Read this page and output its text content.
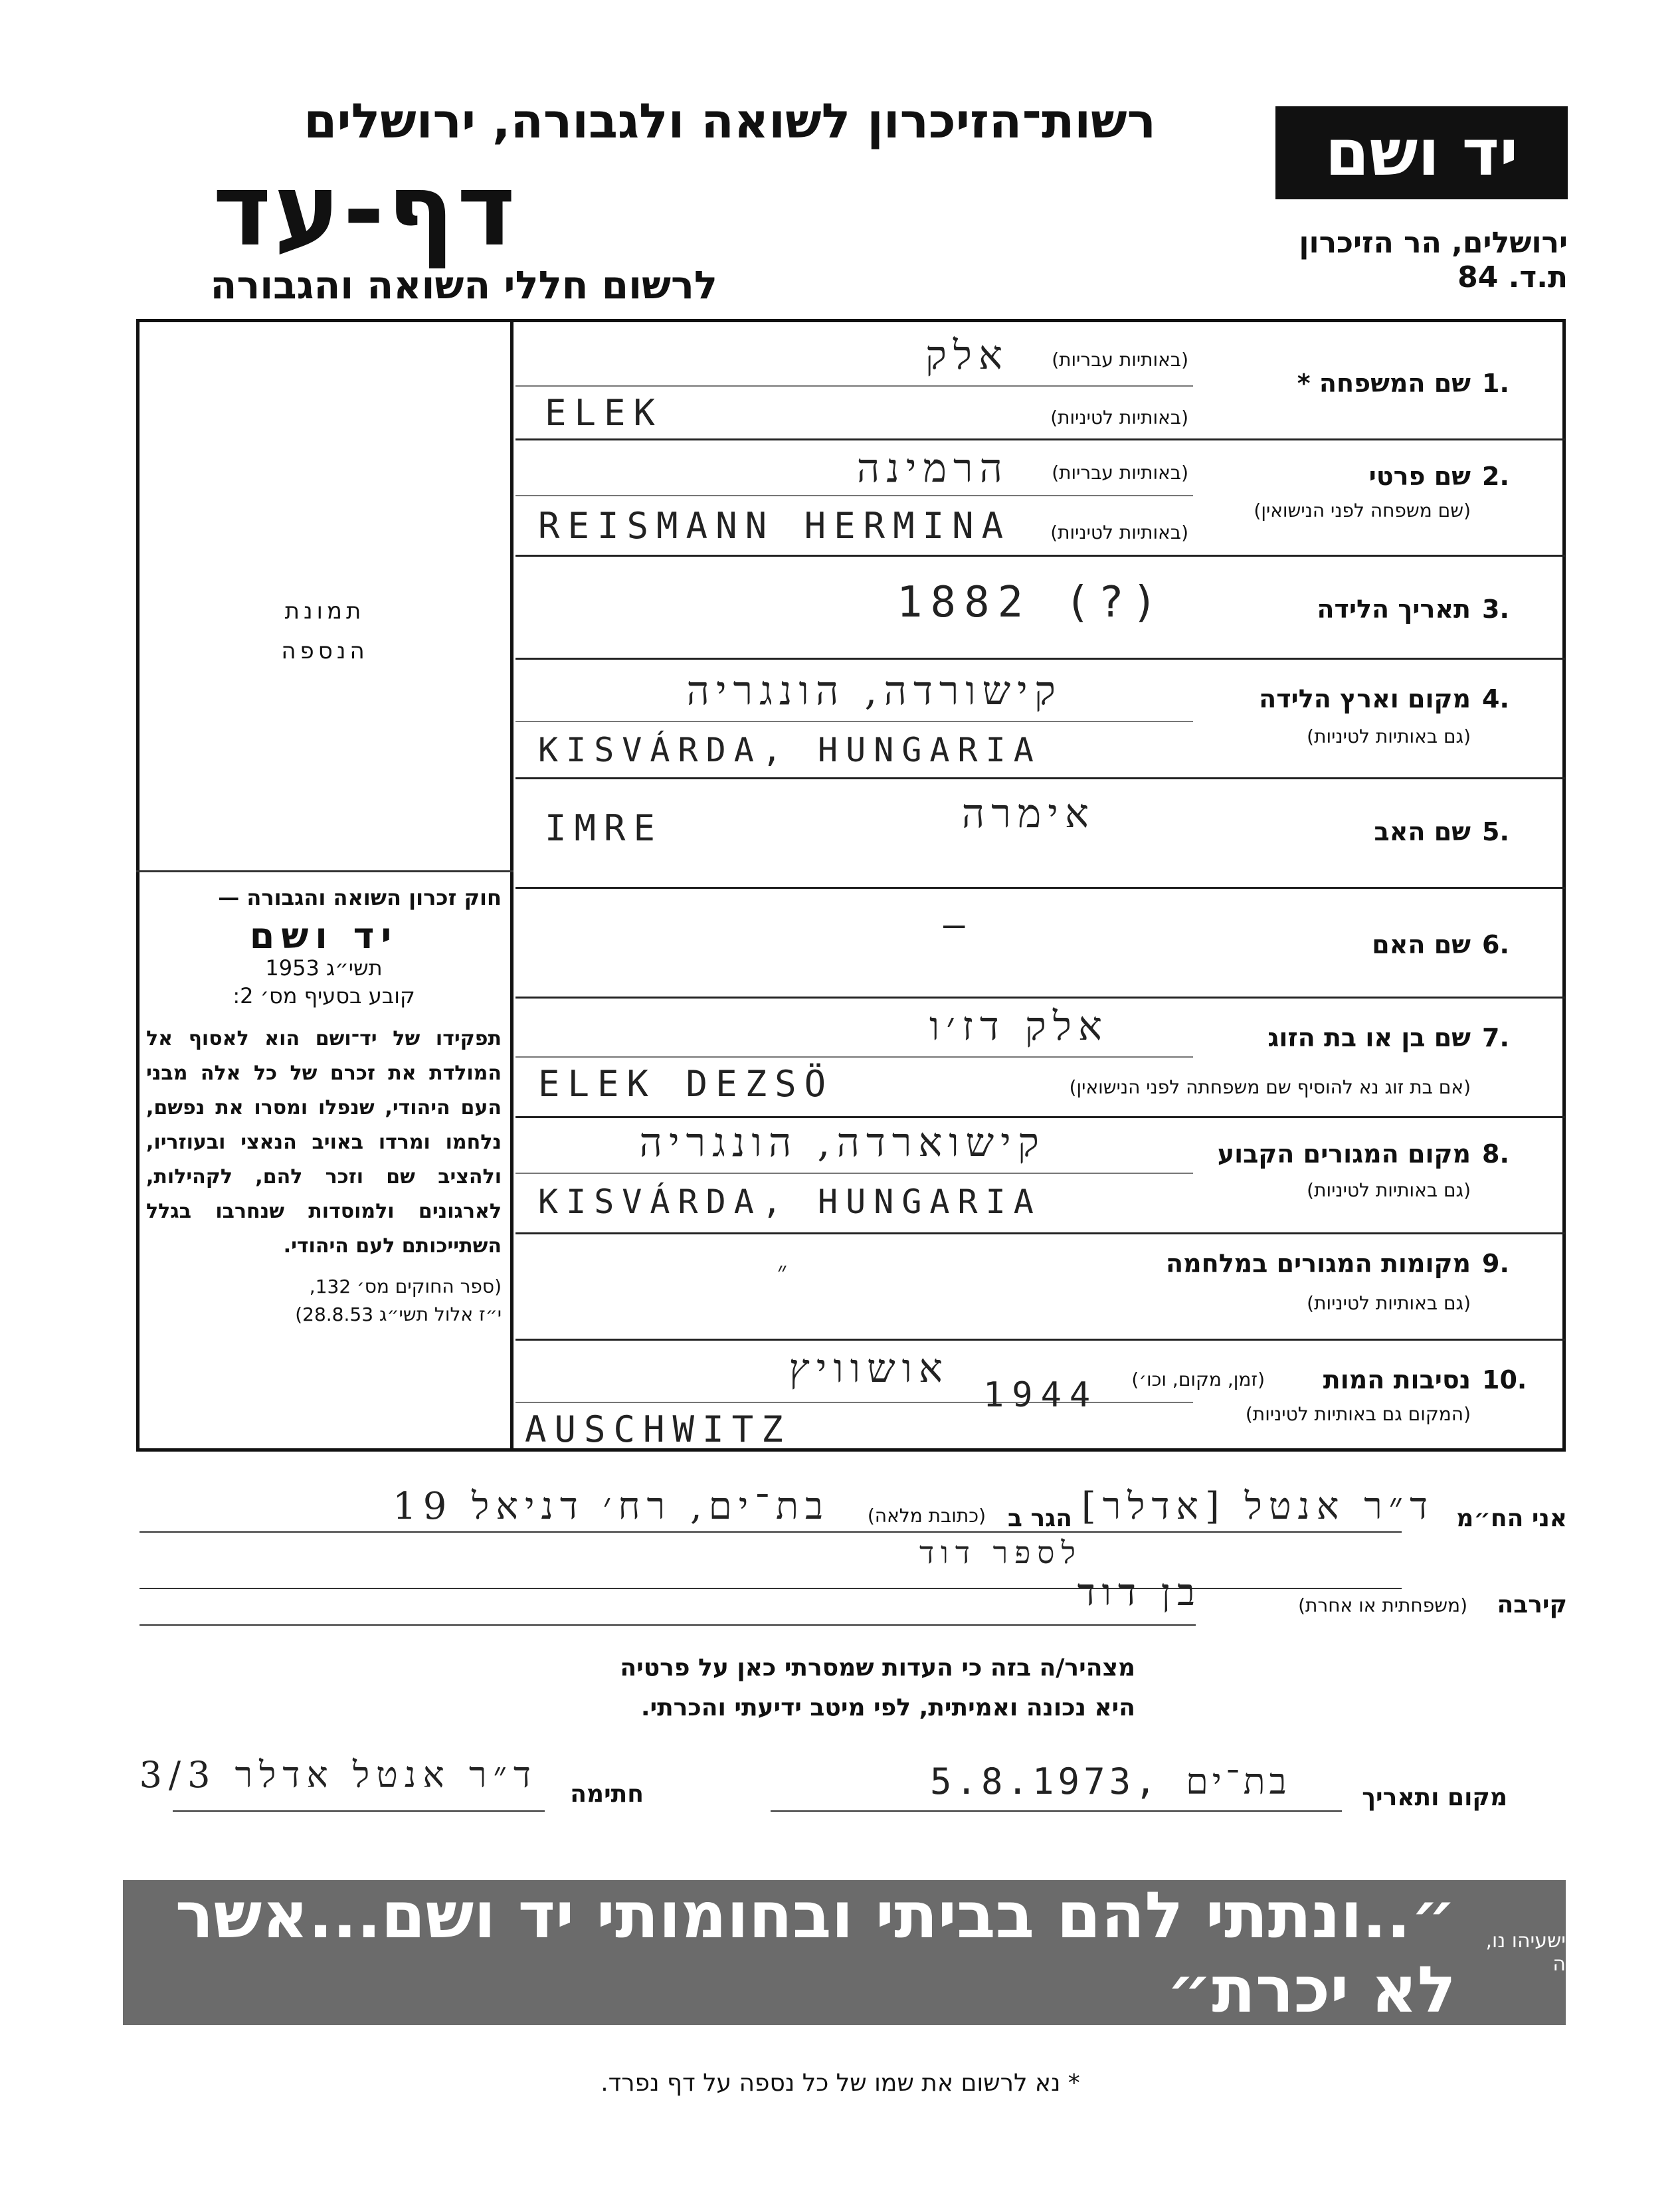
יד ושם
ירושלים, הר הזיכרון
ת.ד. 84
רשות־הזיכרון לשואה ולגבורה, ירושלים
דף-עד
לרשום חללי השואה והגבורה
תמונת
הנספה
חוק זכרון השואה והגבורה —
יד ושם
תשי״ג 1953
קובע בסעיף מס׳ 2:
תפקידו של יד־ושם הוא לאסוף אל המולדת את זכרם של כל אלה מבני העם היהודי, שנפלו ומסרו את נפשם, נלחמו ומרדו באויב הנאצי ובעוזריו, ולהציב שם וזכר להם, לקהילות, לארגונים ולמוסדות שנחרבו בגלל השתייכותם לעם היהודי.
(ספר החוקים מס׳ 132,
י״ז אלול תשי״ג 28.8.53)
1.
שם המשפחה *
(באותיות עבריות)
(באותיות לטיניות)
אלק
ELEK
2.
שם פרטי
(שם משפחה לפני הנישואין)
(באותיות עבריות)
(באותיות לטיניות)
הרמינה
REISMANN HERMINA
3.
תאריך הלידה
1882 (?)
4.
מקום וארץ הלידה
(גם באותיות לטיניות)
קישורדה, הונגריה
KISVÁRDA, HUNGARIA
5.
שם האב
אימרה
IMRE
6.
שם האם
—
7.
שם בן או בת הזוג
(אם בת זוג נא להוסיף שם משפחתה לפני הנישואין)
אלק דז׳ו
ELEK DEZSÖ
8.
מקום המגורים הקבוע
(גם באותיות לטיניות)
קישוארדה, הונגריה
KISVÁRDA, HUNGARIA
9.
מקומות המגורים במלחמה
(גם באותיות לטיניות)
״
10.
נסיבות המות
(זמן, מקום, וכו׳)
(המקום גם באותיות לטיניות)
אושוויץ
1944
AUSCHWITZ
אני הח״מ
ד״ר אנטל [אדלר]
הגר ב
(כתובת מלאה)
בת־ים, רח׳ דניאל 19
לספר דוד
קירבה
(משפחתית או אחרת)
בן דוד
מצהיר/ה בזה כי העדות שמסרתי כאן על פרטיה
היא נכונה ואמיתית, לפי מיטב ידיעתי והכרתי.
חתימה
ד״ר אנטל אדלר 3/3
מקום ותאריך
5.8.1973, בת־ים
ישעיהו נו, ה
״..ונתתי להם בביתי ובחומותי יד ושם...אשר לא יכרת״
* נא לרשום את שמו של כל נספה על דף נפרד.
